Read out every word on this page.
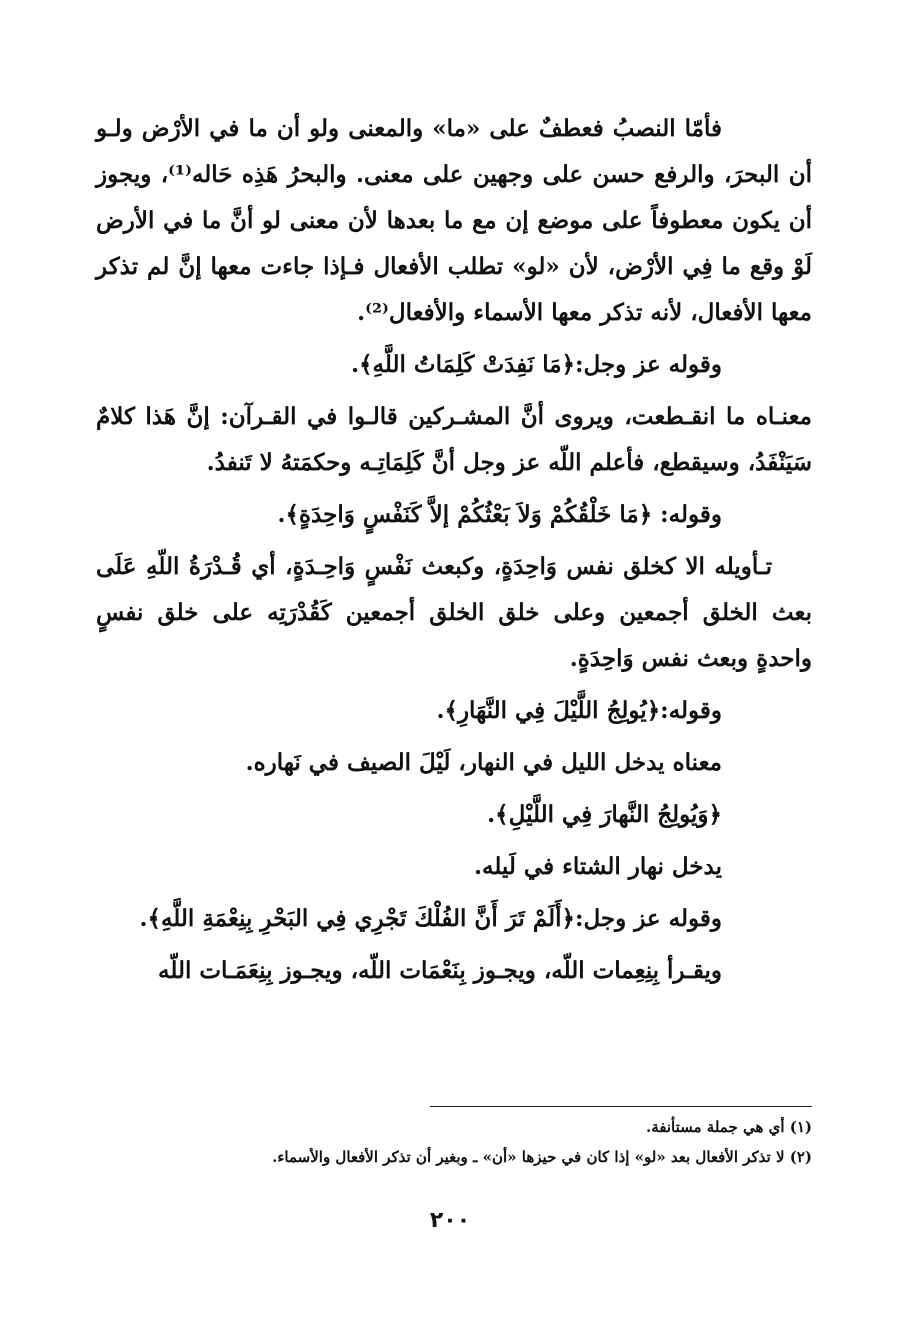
فأمّا النصبُ فعطفٌ على «ما» والمعنى ولو أن ما في الأرْض ولـو أن البحرَ، والرفع حسن على وجهين على معنى. والبحرُ هَذِه حَاله⁽¹⁾، ويجوز أن يكون معطوفاً على موضع إن مع ما بعدها لأن معنى لو أنَّ ما في الأرض لَوْ وقع ما فِي الأرْض، لأن «لو» تطلب الأفعال فـإذا جاءت معها إنَّ لم تذكر معها الأفعال، لأنه تذكر معها الأسماء والأفعال⁽²⁾.

وقوله عز وجل:﴿مَا نَفِدَتْ كَلِمَاتُ اللَّهِ﴾.

معنـاه ما انقـطعت، ويروى أنَّ المشـركين قالـوا في القـرآن: إنَّ هَذا كلامٌ سَيَنْفَدُ، وسيقطع، فأعلم اللّه عز وجل أنَّ كَلِمَاتِـه وحكمَتهُ لا تَنفدُ.

وقوله: ﴿مَا خَلْقُكُمْ وَلاَ بَعْثُكُمْ إلاَّ كَنَفْسٍ وَاحِدَةٍ﴾.

تـأويله الا كخلق نفس وَاحِدَةٍ، وكبعث نَفْسٍ وَاحِـدَةٍ، أي قُـدْرَةُ اللّهِ عَلَى بعث الخلق أجمعين وعلى خلق الخلق أجمعين كَقُدْرَتِه على خلق نفسٍ واحدةٍ وبعث نفس وَاحِدَةٍ.

وقوله:﴿يُولِجُ اللَّيْلَ فِي النَّهَارِ﴾.

معناه يدخل الليل في النهار، لَيْلَ الصيف في نَهاره.

﴿وَيُولِجُ النَّهارَ فِي اللَّيْلِ﴾.

يدخل نهار الشتاء في لَيله.

وقوله عز وجل:﴿أَلَمْ تَرَ أَنَّ الفُلْكَ تَجْرِي فِي البَحْرِ بِنِعْمَةِ اللَّهِ﴾.

ويقـرأ بِنِعِمات اللّه، ويجـوز بِنَعْمَات اللّه، ويجـوز بِنِعَمَـات اللّه

(١) أي هي جملة مستأنفة.

(٢) لا تذكر الأفعال بعد «لو» إذا كان في حيزها «أن» ـ وبغير أن تذكر الأفعال والأسماء.

٢٠٠
